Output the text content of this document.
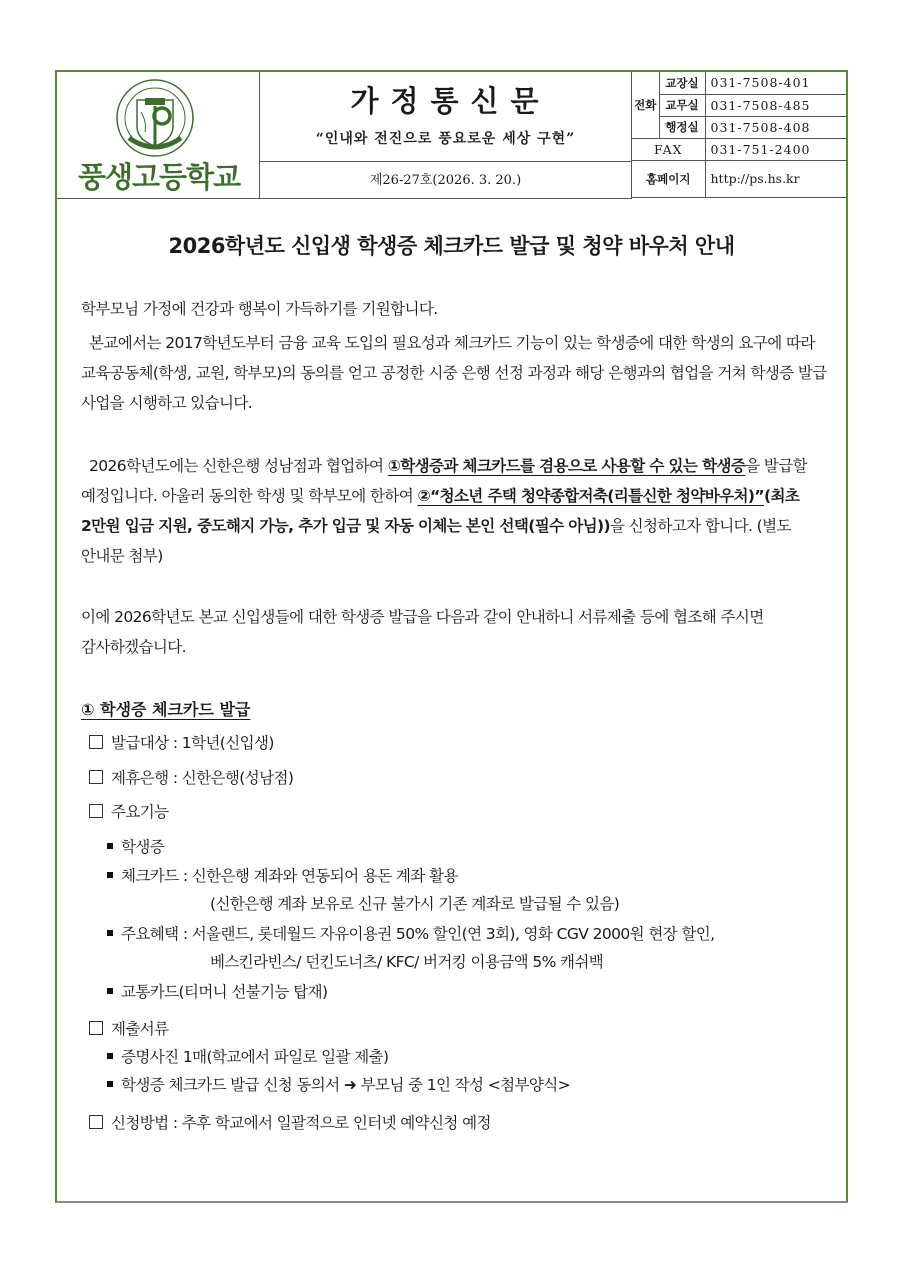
풍생고등학교
가정통신문
“인내와 전진으로 풍요로운 세상 구현”
제26-27호(2026. 3. 20.)
전화	교장실	031-7508-401
	교무실	031-7508-485
	행정실	031-7508-408
FAX		031-751-2400
홈페이지		http://ps.hs.kr
2026학년도 신입생 학생증 체크카드 발급 및 청약 바우처 안내
학부모님 가정에 건강과 행복이 가득하기를 기원합니다.
본교에서는 2017학년도부터 금융 교육 도입의 필요성과 체크카드 기능이 있는 학생증에 대한 학생의 요구에 따라 교육공동체(학생, 교원, 학부모)의 동의를 얻고 공정한 시중 은행 선정 과정과 해당 은행과의 협업을 거쳐 학생증 발급 사업을 시행하고 있습니다.
2026학년도에는 신한은행 성남점과 협업하여 ①학생증과 체크카드를 겸용으로 사용할 수 있는 학생증을 발급할 예정입니다. 아울러 동의한 학생 및 학부모에 한하여 ②“청소년 주택 청약종합저축(리틀신한 청약바우처)”(최초 2만원 입금 지원, 중도해지 가능, 추가 입금 및 자동 이체는 본인 선택(필수 아님))을 신청하고자 합니다. (별도 안내문 첨부)
이에 2026학년도 본교 신입생들에 대한 학생증 발급을 다음과 같이 안내하니 서류제출 등에 협조해 주시면 감사하겠습니다.
① 학생증 체크카드 발급
발급대상 : 1학년(신입생)
제휴은행 : 신한은행(성남점)
주요기능
학생증
체크카드 : 신한은행 계좌와 연동되어 용돈 계좌 활용
(신한은행 계좌 보유로 신규 불가시 기존 계좌로 발급될 수 있음)
주요혜택 : 서울랜드, 롯데월드 자유이용권 50% 할인(연 3회), 영화 CGV 2000원 현장 할인,
베스킨라빈스/ 던킨도너츠/ KFC/ 버거킹 이용금액 5% 캐쉬백
교통카드(티머니 선불기능 탑재)
제출서류
증명사진 1매(학교에서 파일로 일괄 제출)
학생증 체크카드 발급 신청 동의서 ➜ 부모님 중 1인 작성 <첨부양식>
신청방법 : 추후 학교에서 일괄적으로 인터넷 예약신청 예정
